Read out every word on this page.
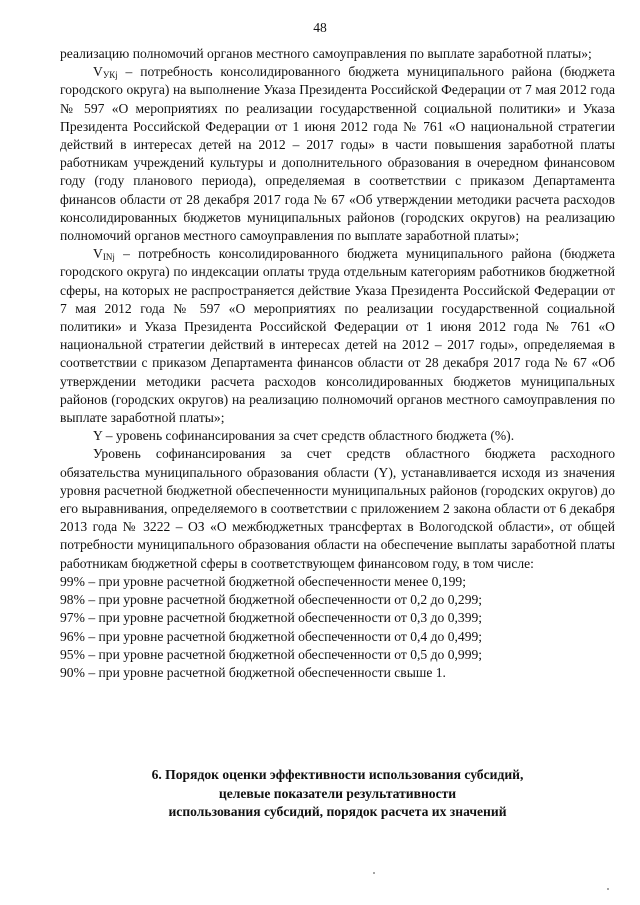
48

реализацию полномочий органов местного самоуправления по выплате заработной платы»;

$V_{УКj}$ – потребность консолидированного бюджета муниципального района (бюджета городского округа) на выполнение Указа Президента Российской Федерации от 7 мая 2012 года № 597 «О мероприятиях по реализации государственной социальной политики» и Указа Президента Российской Федерации от 1 июня 2012 года № 761 «О национальной стратегии действий в интересах детей на 2012 – 2017 годы» в части повышения заработной платы работникам учреждений культуры и дополнительного образования в очередном финансовом году (году планового периода), определяемая в соответствии с приказом Департамента финансов области от 28 декабря 2017 года № 67 «Об утверждении методики расчета расходов консолидированных бюджетов муниципальных районов (городских округов) на реализацию полномочий органов местного самоуправления по выплате заработной платы»;

$V_{INj}$ – потребность консолидированного бюджета муниципального района (бюджета городского округа) по индексации оплаты труда отдельным категориям работников бюджетной сферы, на которых не распространяется действие Указа Президента Российской Федерации от 7 мая 2012 года № 597 «О мероприятиях по реализации государственной социальной политики» и Указа Президента Российской Федерации от 1 июня 2012 года № 761 «О национальной стратегии действий в интересах детей на 2012 – 2017 годы», определяемая в соответствии с приказом Департамента финансов области от 28 декабря 2017 года № 67 «Об утверждении методики расчета расходов консолидированных бюджетов муниципальных районов (городских округов) на реализацию полномочий органов местного самоуправления по выплате заработной платы»;

Y – уровень софинансирования за счет средств областного бюджета (%).

Уровень софинансирования за счет средств областного бюджета расходного обязательства муниципального образования области (Y), устанавливается исходя из значения уровня расчетной бюджетной обеспеченности муниципальных районов (городских округов) до его выравнивания, определяемого в соответствии с приложением 2 закона области от 6 декабря 2013 года № 3222 – ОЗ «О межбюджетных трансфертах в Вологодской области», от общей потребности муниципального образования области на обеспечение выплаты заработной платы работникам бюджетной сферы в соответствующем финансовом году, в том числе:

99% – при уровне расчетной бюджетной обеспеченности менее 0,199;

98% – при уровне расчетной бюджетной обеспеченности от 0,2 до 0,299;

97% – при уровне расчетной бюджетной обеспеченности от 0,3 до 0,399;

96% – при уровне расчетной бюджетной обеспеченности от 0,4 до 0,499;

95% – при уровне расчетной бюджетной обеспеченности от 0,5 до 0,999;

90% – при уровне расчетной бюджетной обеспеченности свыше 1.

6. Порядок оценки эффективности использования субсидий,
целевые показатели результативности
использования субсидий, порядок расчета их значений
